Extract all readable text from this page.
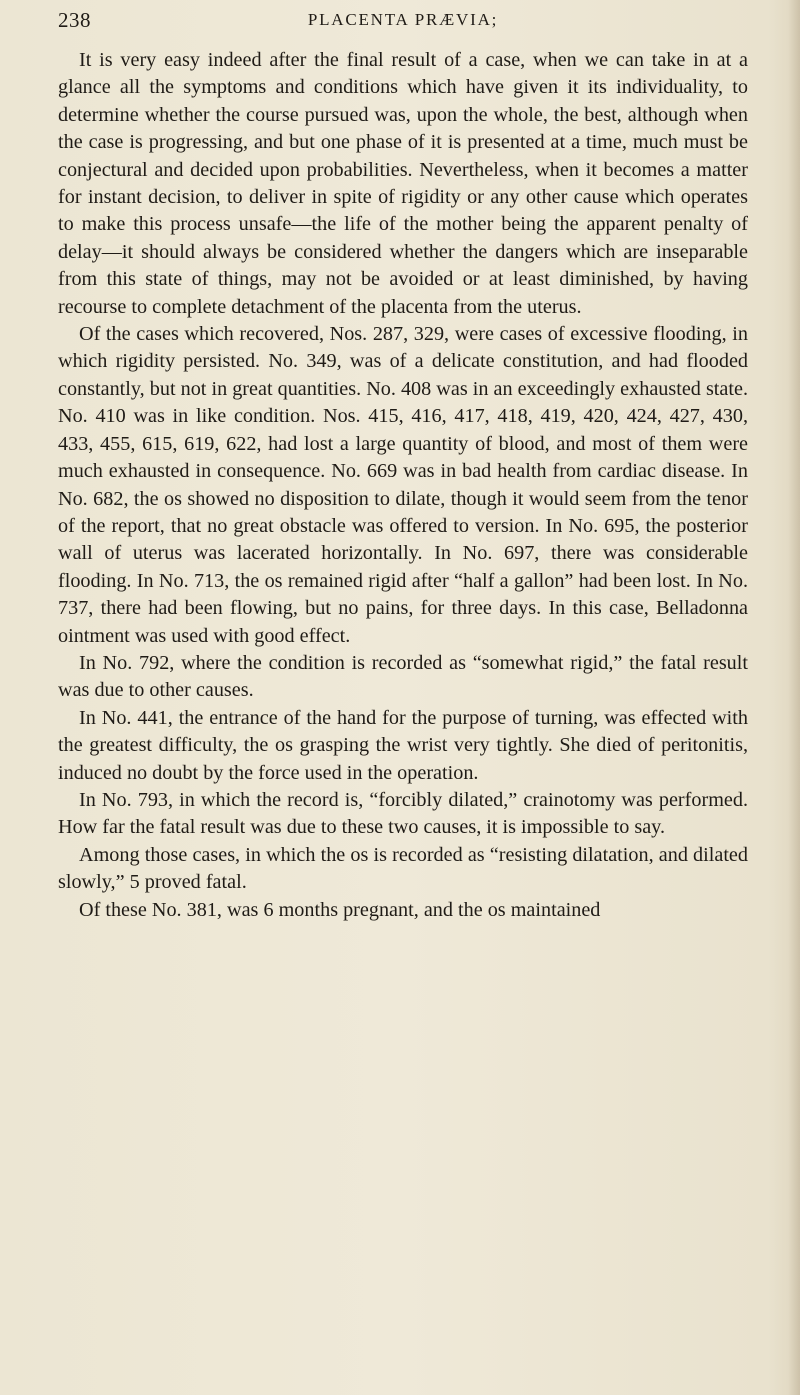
238	PLACENTA PRÆVIA;

It is very easy indeed after the final result of a case, when we can take in at a glance all the symptoms and conditions which have given it its individuality, to determine whether the course pursued was, upon the whole, the best, although when the case is progressing, and but one phase of it is presented at a time, much must be conjectural and decided upon probabilities. Nevertheless, when it becomes a matter for instant decision, to deliver in spite of rigidity or any other cause which operates to make this process unsafe—the life of the mother being the apparent penalty of delay—it should always be considered whether the dangers which are inseparable from this state of things, may not be avoided or at least diminished, by having recourse to complete detachment of the placenta from the uterus.

Of the cases which recovered, Nos. 287, 329, were cases of excessive flooding, in which rigidity persisted. No. 349, was of a delicate constitution, and had flooded constantly, but not in great quantities. No. 408 was in an exceedingly exhausted state. No. 410 was in like condition. Nos. 415, 416, 417, 418, 419, 420, 424, 427, 430, 433, 455, 615, 619, 622, had lost a large quantity of blood, and most of them were much exhausted in consequence. No. 669 was in bad health from cardiac disease. In No. 682, the os showed no disposition to dilate, though it would seem from the tenor of the report, that no great obstacle was offered to version. In No. 695, the posterior wall of uterus was lacerated horizontally. In No. 697, there was considerable flooding. In No. 713, the os remained rigid after “half a gallon” had been lost. In No. 737, there had been flowing, but no pains, for three days. In this case, Belladonna ointment was used with good effect.

In No. 792, where the condition is recorded as “somewhat rigid,” the fatal result was due to other causes.

In No. 441, the entrance of the hand for the purpose of turning, was effected with the greatest difficulty, the os grasping the wrist very tightly. She died of peritonitis, induced no doubt by the force used in the operation.

In No. 793, in which the record is, “forcibly dilated,” crainotomy was performed. How far the fatal result was due to these two causes, it is impossible to say.

Among those cases, in which the os is recorded as “resisting dilatation, and dilated slowly,” 5 proved fatal.

Of these No. 381, was 6 months pregnant, and the os maintained
